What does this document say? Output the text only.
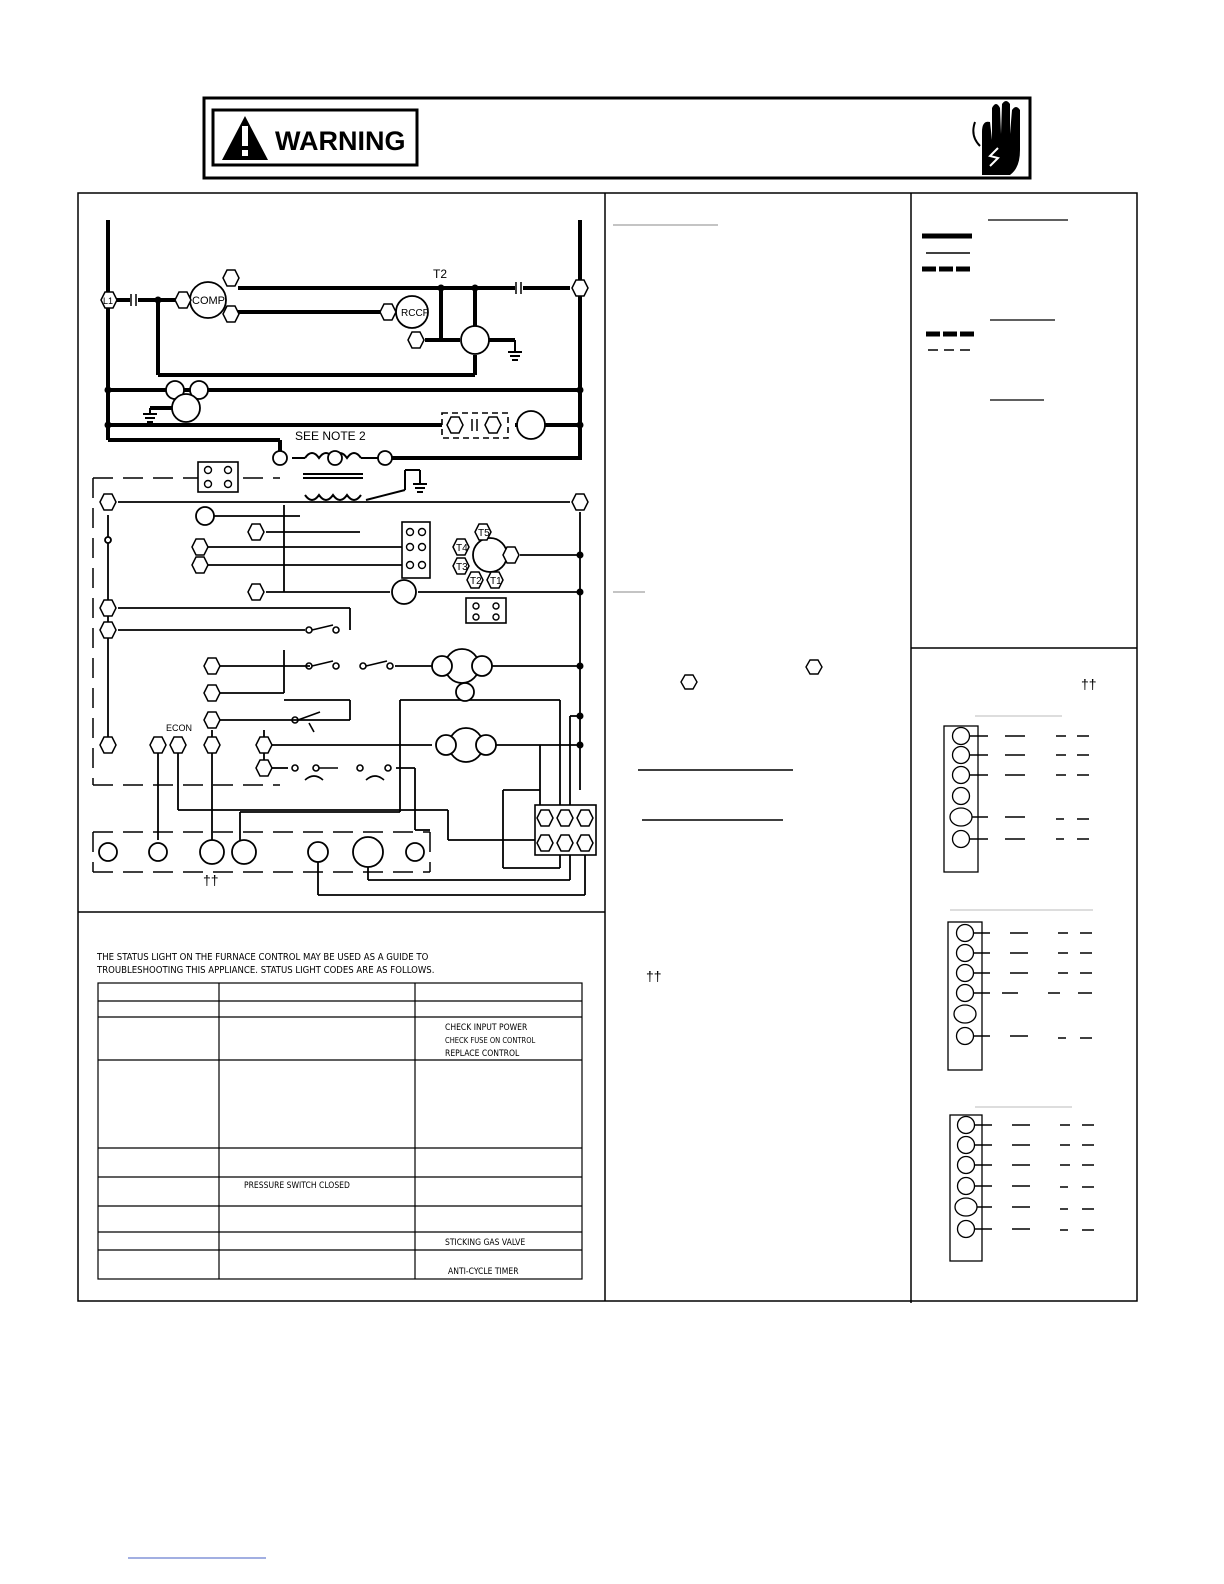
WARNING
L1	COMP
RCCF
T2
SEE NOTE 2
T5
T4
T3
T2 T1
ECON
††
THE STATUS LIGHT ON THE FURNACE CONTROL MAY BE USED AS A GUIDE TO
TROUBLESHOOTING THIS APPLIANCE. STATUS LIGHT CODES ARE AS FOLLOWS.
CHECK INPUT POWER
CHECK FUSE ON CONTROL
REPLACE CONTROL
PRESSURE SWITCH CLOSED
STICKING GAS VALVE
ANTI-CYCLE TIMER
††
††
